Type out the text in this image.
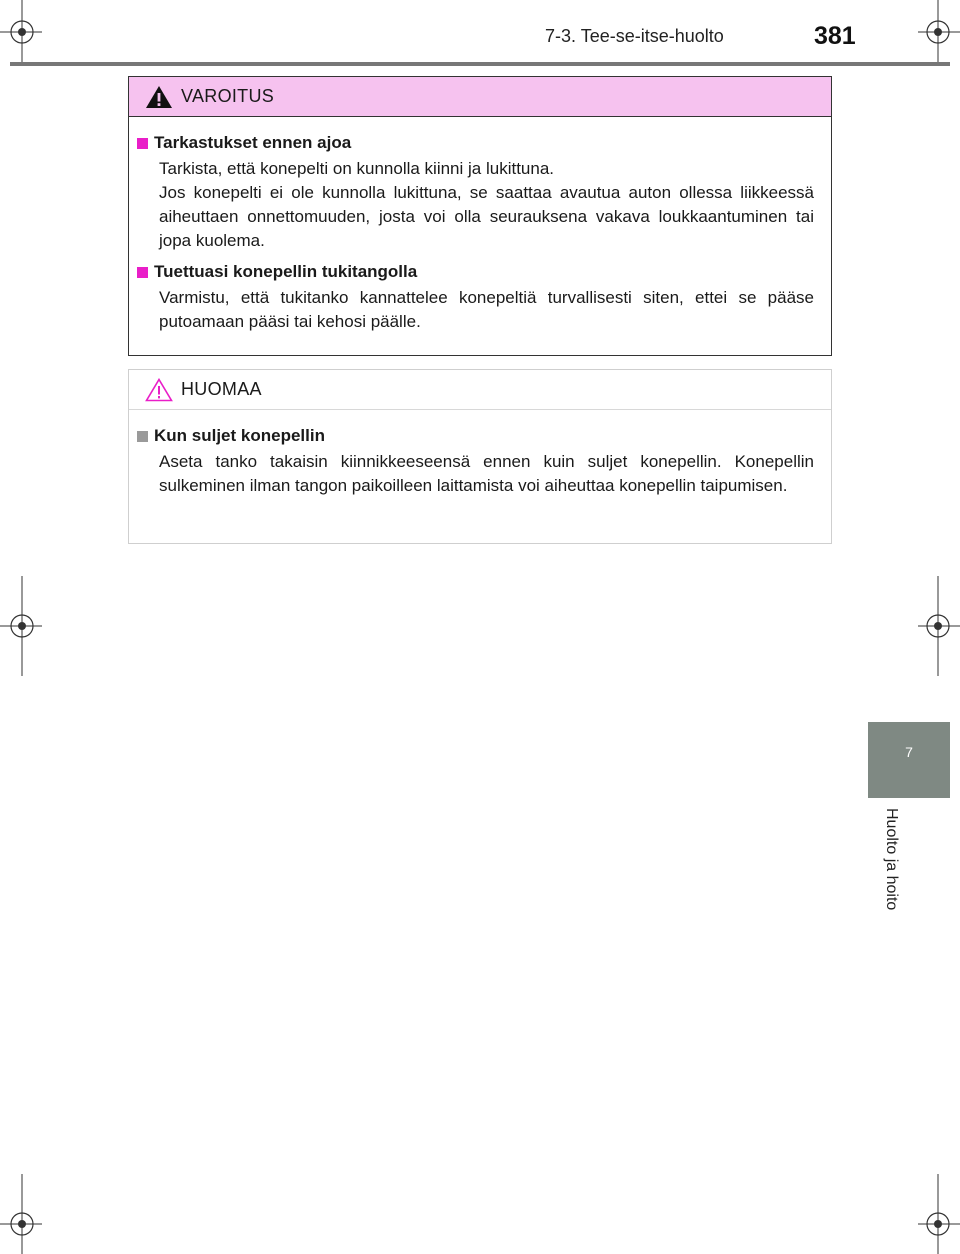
7-3. Tee-se-itse-huolto	381
7
Huolto ja hoito
VAROITUS
Tarkastukset ennen ajoa
Tarkista, että konepelti on kunnolla kiinni ja lukittuna.
Jos konepelti ei ole kunnolla lukittuna, se saattaa avautua auton ollessa liikkeessä aiheuttaen onnettomuuden, josta voi olla seurauksena vakava loukkaantuminen tai jopa kuolema.
Tuettuasi konepellin tukitangolla
Varmistu, että tukitanko kannattelee konepeltiä turvallisesti siten, ettei se pääse putoamaan pääsi tai kehosi päälle.
HUOMAA
Kun suljet konepellin
Aseta tanko takaisin kiinnikkeeseensä ennen kuin suljet konepellin. Konepellin sulkeminen ilman tangon paikoilleen laittamista voi aiheuttaa konepellin taipumisen.
